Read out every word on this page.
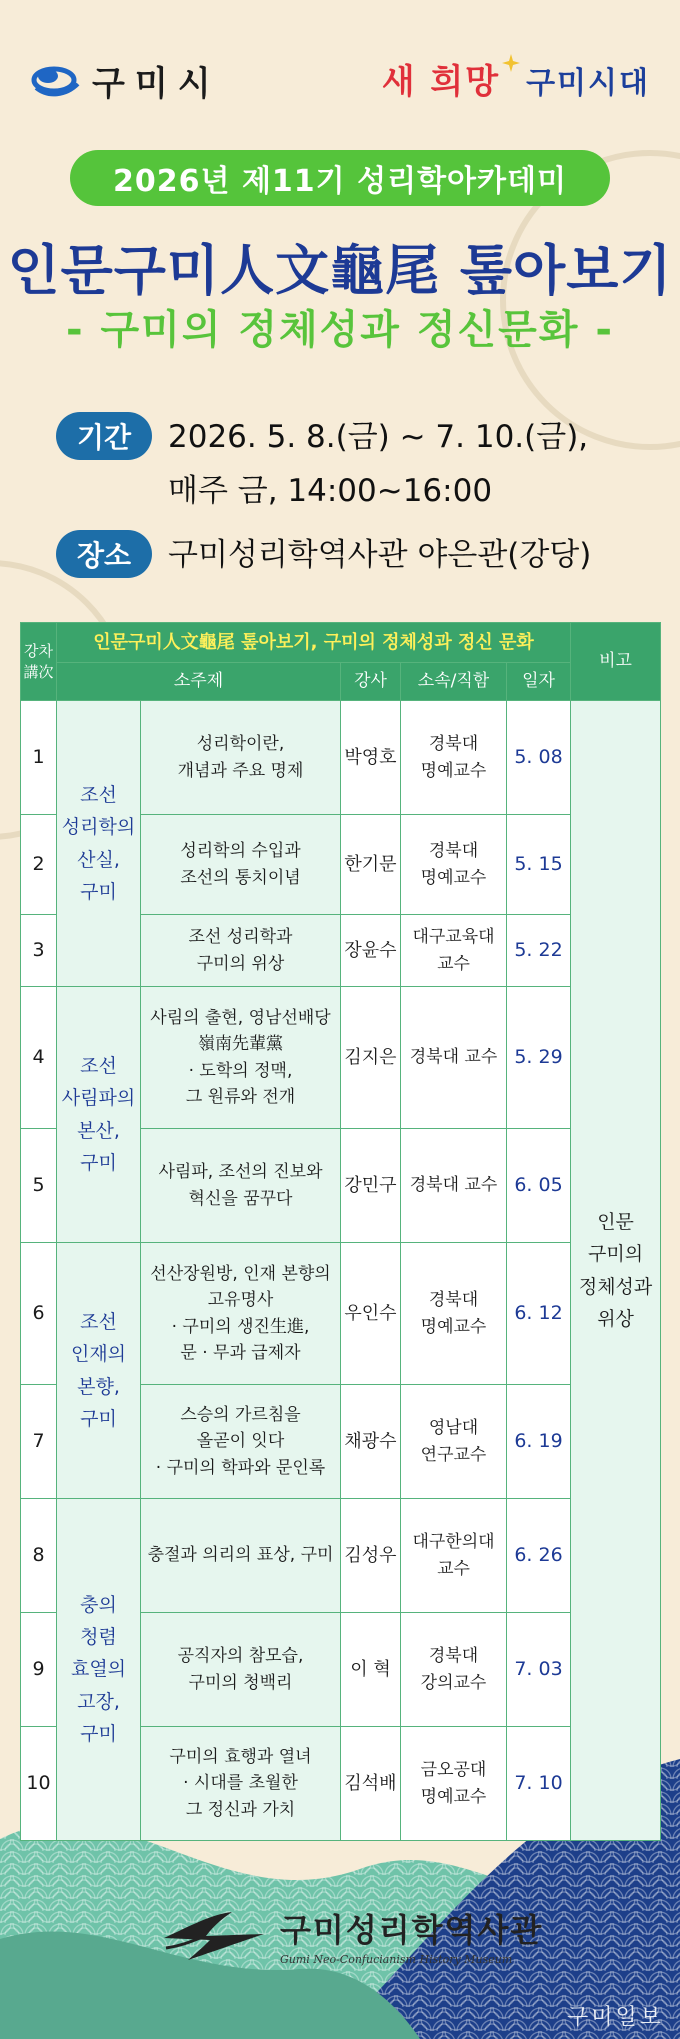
구미시	새 희망 구미시대
2026년 제11기 성리학아카데미
인문구미人文龜尾 톺아보기
- 구미의 정체성과 정신문화 -
기간	2026. 5. 8.(금) ~ 7. 10.(금),
매주 금, 14:00~16:00
장소	구미성리학역사관 야은관(강당)
강차
講次	인문구미人文龜尾 톺아보기, 구미의 정체성과 정신 문화					비고
	소주제		강사	소속/직함	일자	
1	조선
성리학의
산실,
구미	성리학이란,
개념과 주요 명제	박영호	경북대
명예교수	5. 08	인문
구미의
정체성과
위상
2		성리학의 수입과
조선의 통치이념	한기문	경북대
명예교수	5. 15	
3		조선 성리학과
구미의 위상	장윤수	대구교육대
교수	5. 22	
4	조선
사림파의
본산,
구미	사림의 출현, 영남선배당
嶺南先輩黨
· 도학의 정맥,
그 원류와 전개	김지은	경북대 교수	5. 29	
5		사림파, 조선의 진보와
혁신을 꿈꾸다	강민구	경북대 교수	6. 05	
6	조선
인재의
본향,
구미	선산장원방, 인재 본향의
고유명사
· 구미의 생진生進,
문 · 무과 급제자	우인수	경북대
명예교수	6. 12	
7		스승의 가르침을
올곧이 잇다
· 구미의 학파와 문인록	채광수	영남대
연구교수	6. 19	
8	충의
청렴
효열의
고장,
구미	충절과 의리의 표상, 구미	김성우	대구한의대
교수	6. 26	
9		공직자의 참모습,
구미의 청백리	이 혁	경북대
강의교수	7. 03	
10		구미의 효행과 열녀
· 시대를 초월한
그 정신과 가치	김석배	금오공대
명예교수	7. 10	
구미성리학역사관
Gumi Neo-Confucianism History Museum
구미일보
